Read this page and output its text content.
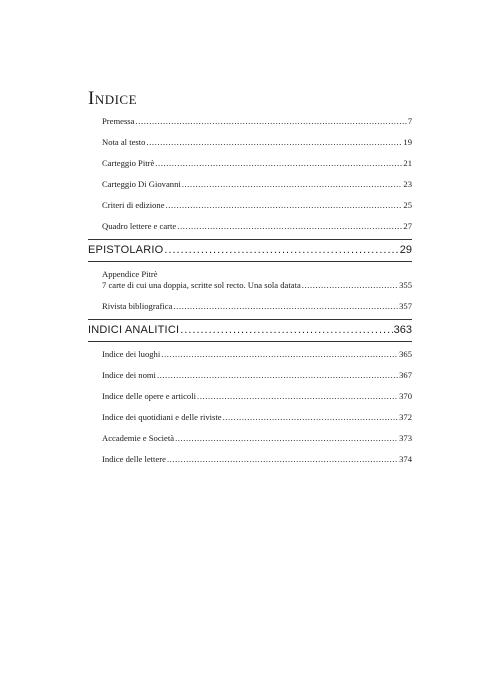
Indice
Premessa .....	7
Nota al testo .....	19
Carteggio Pitrè .....	21
Carteggio Di Giovanni .....	23
Criteri di edizione .....	25
Quadro lettere e carte .....	27
EPISTOLARIO .....	29
Appendice Pitrè
7 carte di cui una doppia, scritte sol recto. Una sola datata .....	355
Rivista bibliografica .....	357
INDICI ANALITICI .....	363
Indice dei luoghi .....	365
Indice dei nomi .....	367
Indice delle opere e articoli .....	370
Indice dei quotidiani e delle riviste .....	372
Accademie e Società .....	373
Indice delle lettere .....	374
